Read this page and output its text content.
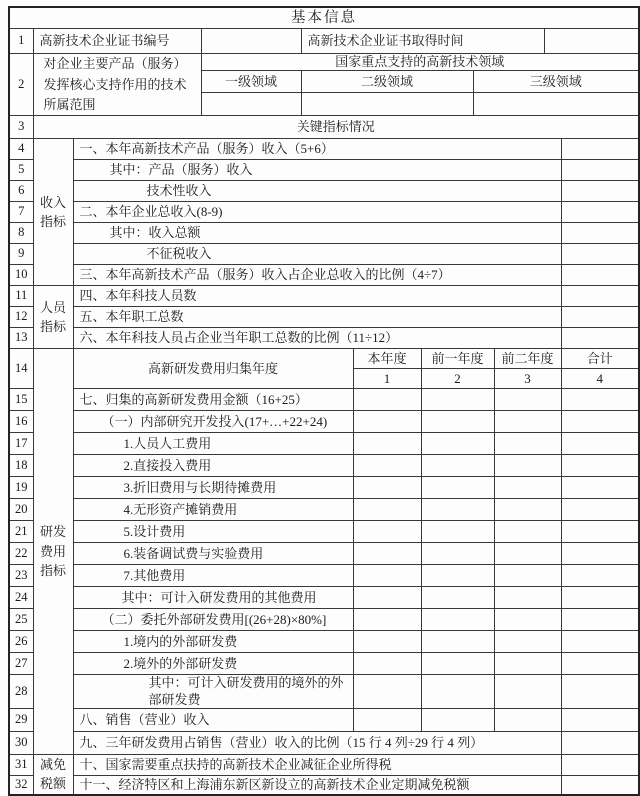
基本信息										
1	高新技术企业证书编号			高新技术企业证书取得时间						
2	对企业主要产品（服务）发挥核心支持作用的技术所属范围		国家重点支持的高新技术领域							
			一级领域	二级领域			三级领域			

3	关键指标情况									
4	收入指标	一、本年高新技术产品（服务）收入（5+6）								
5		其中：产品（服务）收入								
6		技术性收入								
7		二、本年企业总收入(8-9)								
8		其中：收入总额								
9		不征税收入								
10		三、本年高新技术产品（服务）收入占企业总收入的比例（4÷7）								
11	人员指标	四、本年科技人员数								
12		五、本年职工总数								
13		六、本年科技人员占企业当年职工总数的比例（11÷12）								
14	研发费用指标	高新研发费用归集年度			本年度	前一年度		前二年度		合计
					1	2		3		4
15		七、归集的高新研发费用金额（16+25）								
16		（一）内部研究开发投入(17+…+22+24)								
17		1.人员人工费用								
18		2.直接投入费用								
19		3.折旧费用与长期待摊费用								
20		4.无形资产摊销费用								
21		5.设计费用								
22		6.装备调试费与实验费用								
23		7.其他费用								
24		其中：可计入研发费用的其他费用								
25		（二）委托外部研发费用[(26+28)×80%]								
26		1.境内的外部研发费								
27		2.境外的外部研发费								
28		其中：可计入研发费用的境外的外部研发费								
29		八、销售（营业）收入								
30		九、三年研发费用占销售（营业）收入的比例（15 行 4 列÷29 行 4 列）								
31	减免税额	十、国家需要重点扶持的高新技术企业减征企业所得税								
32		十一、经济特区和上海浦东新区新设立的高新技术企业定期减免税额								
